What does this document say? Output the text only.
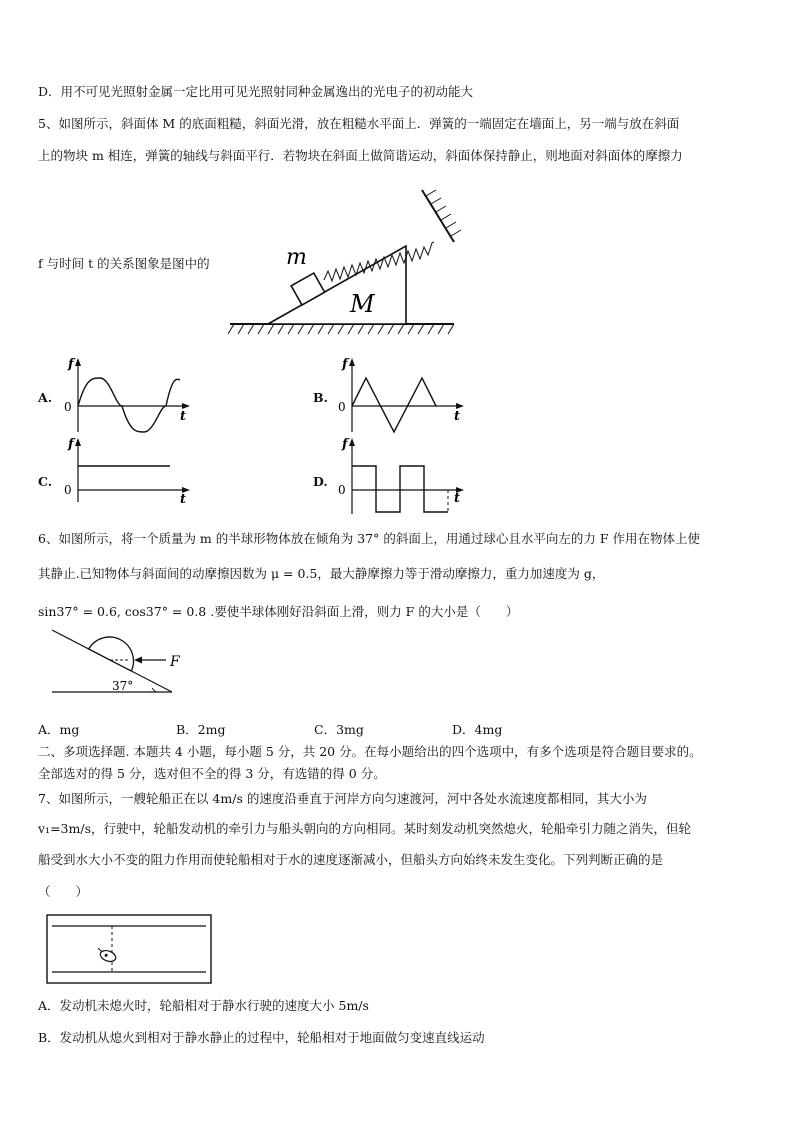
D．用不可见光照射金属一定比用可见光照射同种金属逸出的光电子的初动能大
5、如图所示，斜面体 M 的底面粗糙，斜面光滑，放在粗糙水平面上．弹簧的一端固定在墙面上，另一端与放在斜面
上的物块 m 相连，弹簧的轴线与斜面平行．若物块在斜面上做简谐运动，斜面体保持静止，则地面对斜面体的摩擦力
f 与时间 t 的关系图象是图中的	m
M
A.
f
0
t
B.
f
0
t
C.
f
0
t
D.
f
0
t
6、如图所示，将一个质量为 m 的半球形物体放在倾角为 37° 的斜面上，用通过球心且水平向左的力 F 作用在物体上使
其静止.已知物体与斜面间的动摩擦因数为 μ = 0.5，最大静摩擦力等于滑动摩擦力，重力加速度为 g，
sin37° = 0.6, cos37° = 0.8 .要使半球体刚好沿斜面上滑，则力 F 的大小是（　　）
F
37°
A．mg	B．2mg	C．3mg	D．4mg
二、多项选择题. 本题共 4 小题，每小题 5 分，共 20 分。在每小题给出的四个选项中，有多个选项是符合题目要求的。
全部选对的得 5 分，选对但不全的得 3 分，有选错的得 0 分。
7、如图所示，一艘轮船正在以 4m/s 的速度沿垂直于河岸方向匀速渡河，河中各处水流速度都相同，其大小为
v₁=3m/s，行驶中，轮船发动机的牵引力与船头朝向的方向相同。某时刻发动机突然熄火，轮船牵引力随之消失，但轮
船受到水大小不变的阻力作用而使轮船相对于水的速度逐渐减小，但船头方向始终未发生变化。下列判断正确的是
（　　）
A．发动机未熄火时，轮船相对于静水行驶的速度大小 5m/s
B．发动机从熄火到相对于静水静止的过程中，轮船相对于地面做匀变速直线运动
